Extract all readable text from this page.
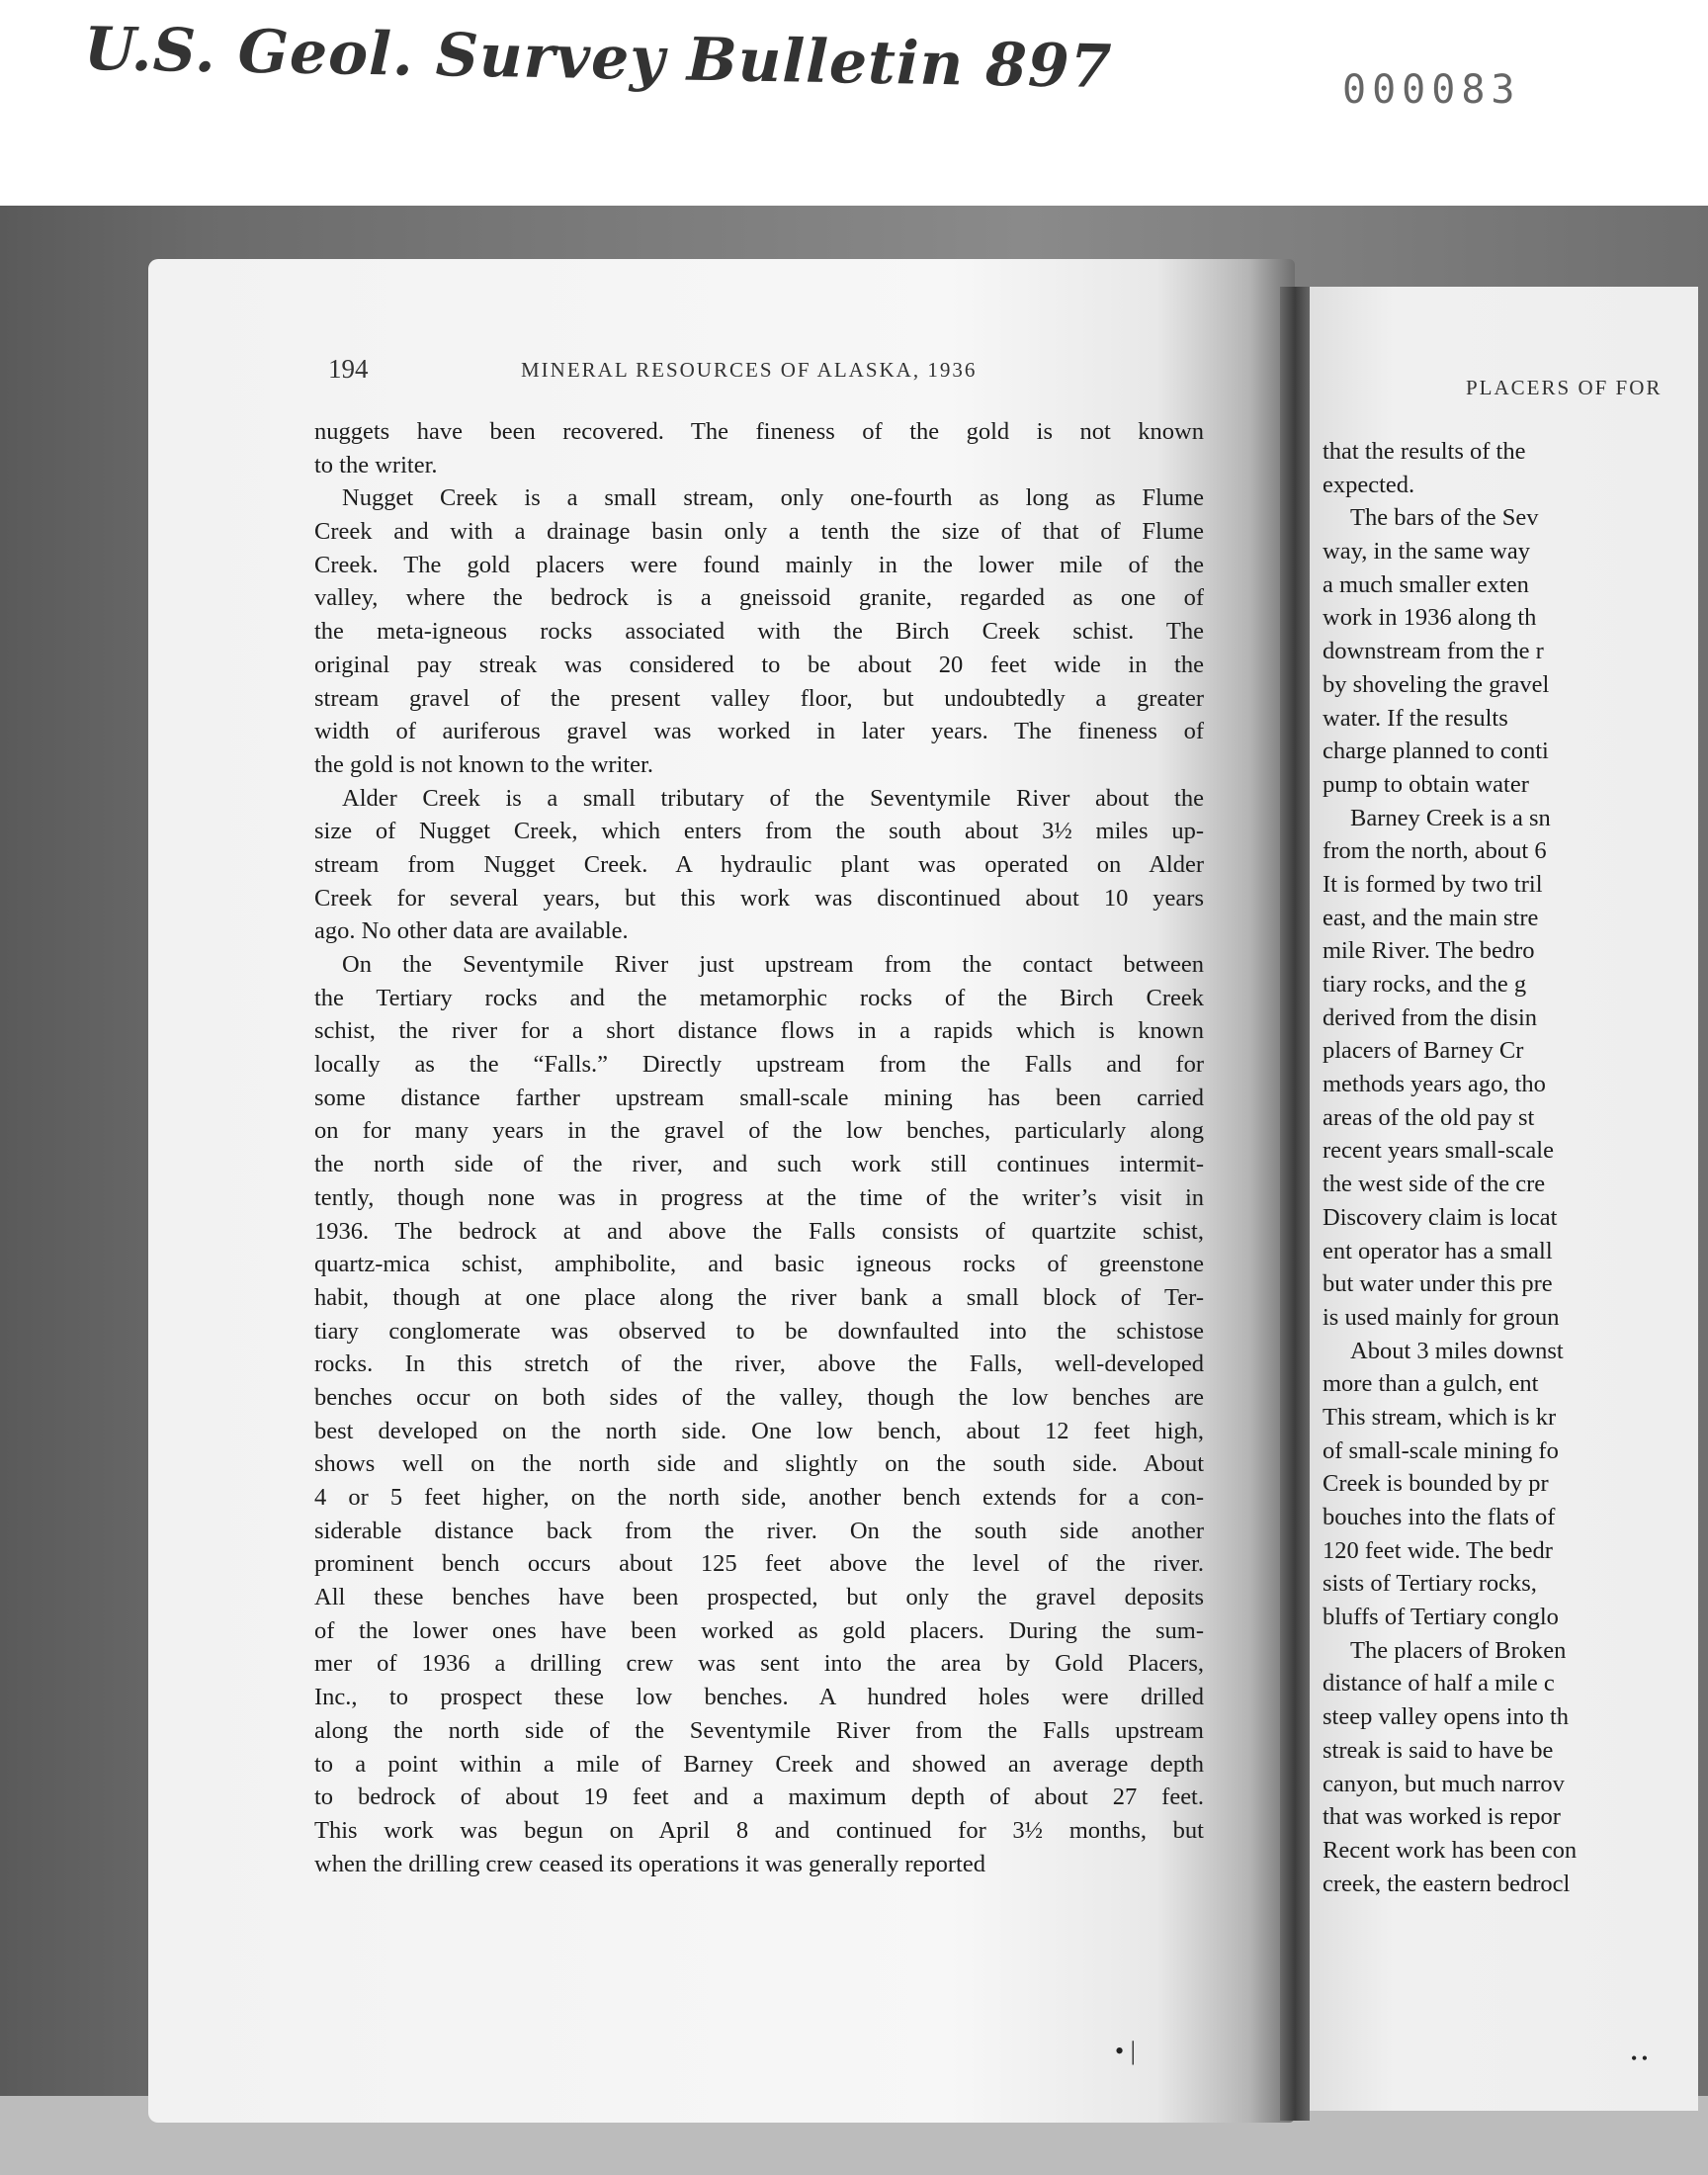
U.S. Geol. Survey Bulletin 897	000083
PLACERS OF FOR
that the results of the
expected.
The bars of the Sev
way, in the same way
a much smaller exten
work in 1936 along th
downstream from the r
by shoveling the gravel
water. If the results
charge planned to conti
pump to obtain water
Barney Creek is a sn
from the north, about 6
It is formed by two tril
east, and the main stre
mile River. The bedro
tiary rocks, and the g
derived from the disin
placers of Barney Cr
methods years ago, tho
areas of the old pay st
recent years small-scale
the west side of the cre
Discovery claim is locat
ent operator has a small
but water under this pre
is used mainly for groun
About 3 miles downst
more than a gulch, ent
This stream, which is kr
of small-scale mining fo
Creek is bounded by pr
bouches into the flats of
120 feet wide. The bedr
sists of Tertiary rocks,
bluffs of Tertiary conglo
The placers of Broken
distance of half a mile c
steep valley opens into th
streak is said to have be
canyon, but much narrov
that was worked is repor
Recent work has been con
creek, the eastern bedrocl
194	MINERAL RESOURCES OF ALASKA, 1936
nuggets have been recovered. The fineness of the gold is not known
to the writer.
Nugget Creek is a small stream, only one-fourth as long as Flume
Creek and with a drainage basin only a tenth the size of that of Flume
Creek. The gold placers were found mainly in the lower mile of the
valley, where the bedrock is a gneissoid granite, regarded as one of
the meta-igneous rocks associated with the Birch Creek schist. The
original pay streak was considered to be about 20 feet wide in the
stream gravel of the present valley floor, but undoubtedly a greater
width of auriferous gravel was worked in later years. The fineness of
the gold is not known to the writer.
Alder Creek is a small tributary of the Seventymile River about the
size of Nugget Creek, which enters from the south about 3½ miles up-
stream from Nugget Creek. A hydraulic plant was operated on Alder
Creek for several years, but this work was discontinued about 10 years
ago. No other data are available.
On the Seventymile River just upstream from the contact between
the Tertiary rocks and the metamorphic rocks of the Birch Creek
schist, the river for a short distance flows in a rapids which is known
locally as the “Falls.” Directly upstream from the Falls and for
some distance farther upstream small-scale mining has been carried
on for many years in the gravel of the low benches, particularly along
the north side of the river, and such work still continues intermit-
tently, though none was in progress at the time of the writer’s visit in
1936. The bedrock at and above the Falls consists of quartzite schist,
quartz-mica schist, amphibolite, and basic igneous rocks of greenstone
habit, though at one place along the river bank a small block of Ter-
tiary conglomerate was observed to be downfaulted into the schistose
rocks. In this stretch of the river, above the Falls, well-developed
benches occur on both sides of the valley, though the low benches are
best developed on the north side. One low bench, about 12 feet high,
shows well on the north side and slightly on the south side. About
4 or 5 feet higher, on the north side, another bench extends for a con-
siderable distance back from the river. On the south side another
prominent bench occurs about 125 feet above the level of the river.
All these benches have been prospected, but only the gravel deposits
of the lower ones have been worked as gold placers. During the sum-
mer of 1936 a drilling crew was sent into the area by Gold Placers,
Inc., to prospect these low benches. A hundred holes were drilled
along the north side of the Seventymile River from the Falls upstream
to a point within a mile of Barney Creek and showed an average depth
to bedrock of about 19 feet and a maximum depth of about 27 feet.
This work was begun on April 8 and continued for 3½ months, but
when the drilling crew ceased its operations it was generally reported
• |	• •
